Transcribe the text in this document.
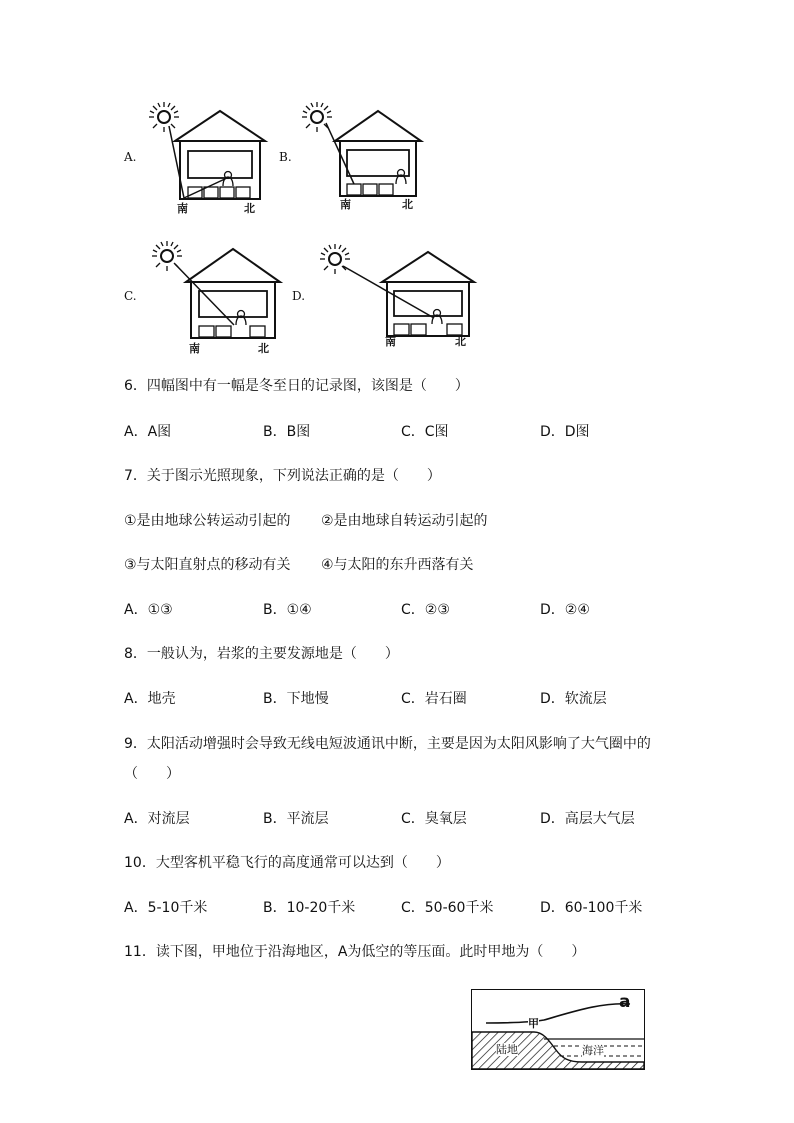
A.
南	北
B.
南	北
C.
南	北
D.
南	北
6．四幅图中有一幅是冬至日的记录图，该图是（　　）
A．A图	B．B图	C．C图	D．D图
7．关于图示光照现象，下列说法正确的是（　　）
①是由地球公转运动引起的 ②是由地球自转运动引起的
③与太阳直射点的移动有关 ④与太阳的东升西落有关
A．①③	B．①④	C．②③	D．②④
8．一般认为，岩浆的主要发源地是（　　）
A．地壳	B．下地慢	C．岩石圈	D．软流层
9．太阳活动增强时会导致无线电短波通讯中断，主要是因为太阳风影响了大气圈中的
（　　）
A．对流层	B．平流层	C．臭氧层	D．高层大气层
10．大型客机平稳飞行的高度通常可以达到（　　）
A．5-10千米	B．10-20千米	C．50-60千米	D．60-100千米
11．读下图，甲地位于沿海地区，A为低空的等压面。此时甲地为（　　）
a
甲
陆地	海洋
